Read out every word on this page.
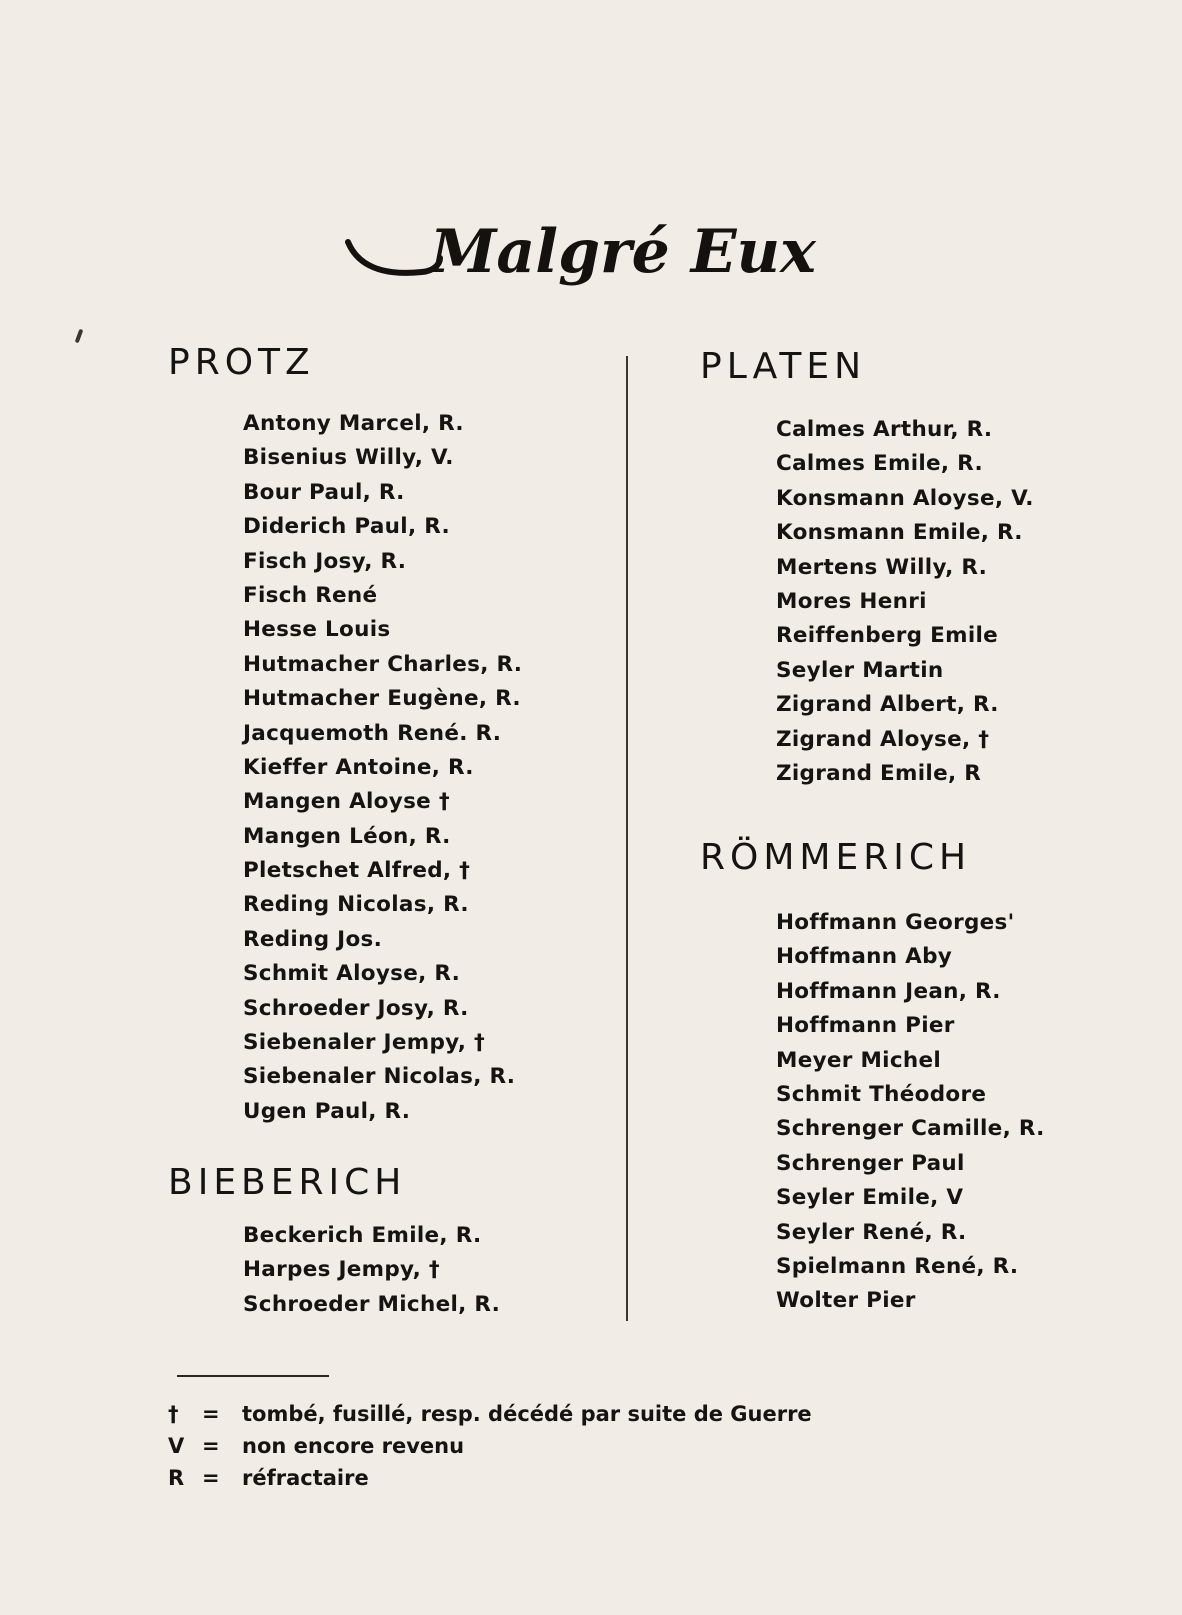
Malgré Eux
PROTZ
Antony Marcel, R.
Bisenius Willy, V.
Bour Paul, R.
Diderich Paul, R.
Fisch Josy, R.
Fisch René
Hesse Louis
Hutmacher Charles, R.
Hutmacher Eugène, R.
Jacquemoth René. R.
Kieffer Antoine, R.
Mangen Aloyse †
Mangen Léon, R.
Pletschet Alfred, †
Reding Nicolas, R.
Reding Jos.
Schmit Aloyse, R.
Schroeder Josy, R.
Siebenaler Jempy, †
Siebenaler Nicolas, R.
Ugen Paul, R.
BIEBERICH
Beckerich Emile, R.
Harpes Jempy, †
Schroeder Michel, R.
PLATEN
Calmes Arthur, R.
Calmes Emile, R.
Konsmann Aloyse, V.
Konsmann Emile, R.
Mertens Willy, R.
Mores Henri
Reiffenberg Emile
Seyler Martin
Zigrand Albert, R.
Zigrand Aloyse, †
Zigrand Emile, R
RÖMMERICH
Hoffmann Georges'
Hoffmann Aby
Hoffmann Jean, R.
Hoffmann Pier
Meyer Michel
Schmit Théodore
Schrenger Camille, R.
Schrenger Paul
Seyler Emile, V
Seyler René, R.
Spielmann René, R.
Wolter Pier
† = tombé, fusillé, resp. décédé par suite de Guerre
V = non encore revenu
R = réfractaire
